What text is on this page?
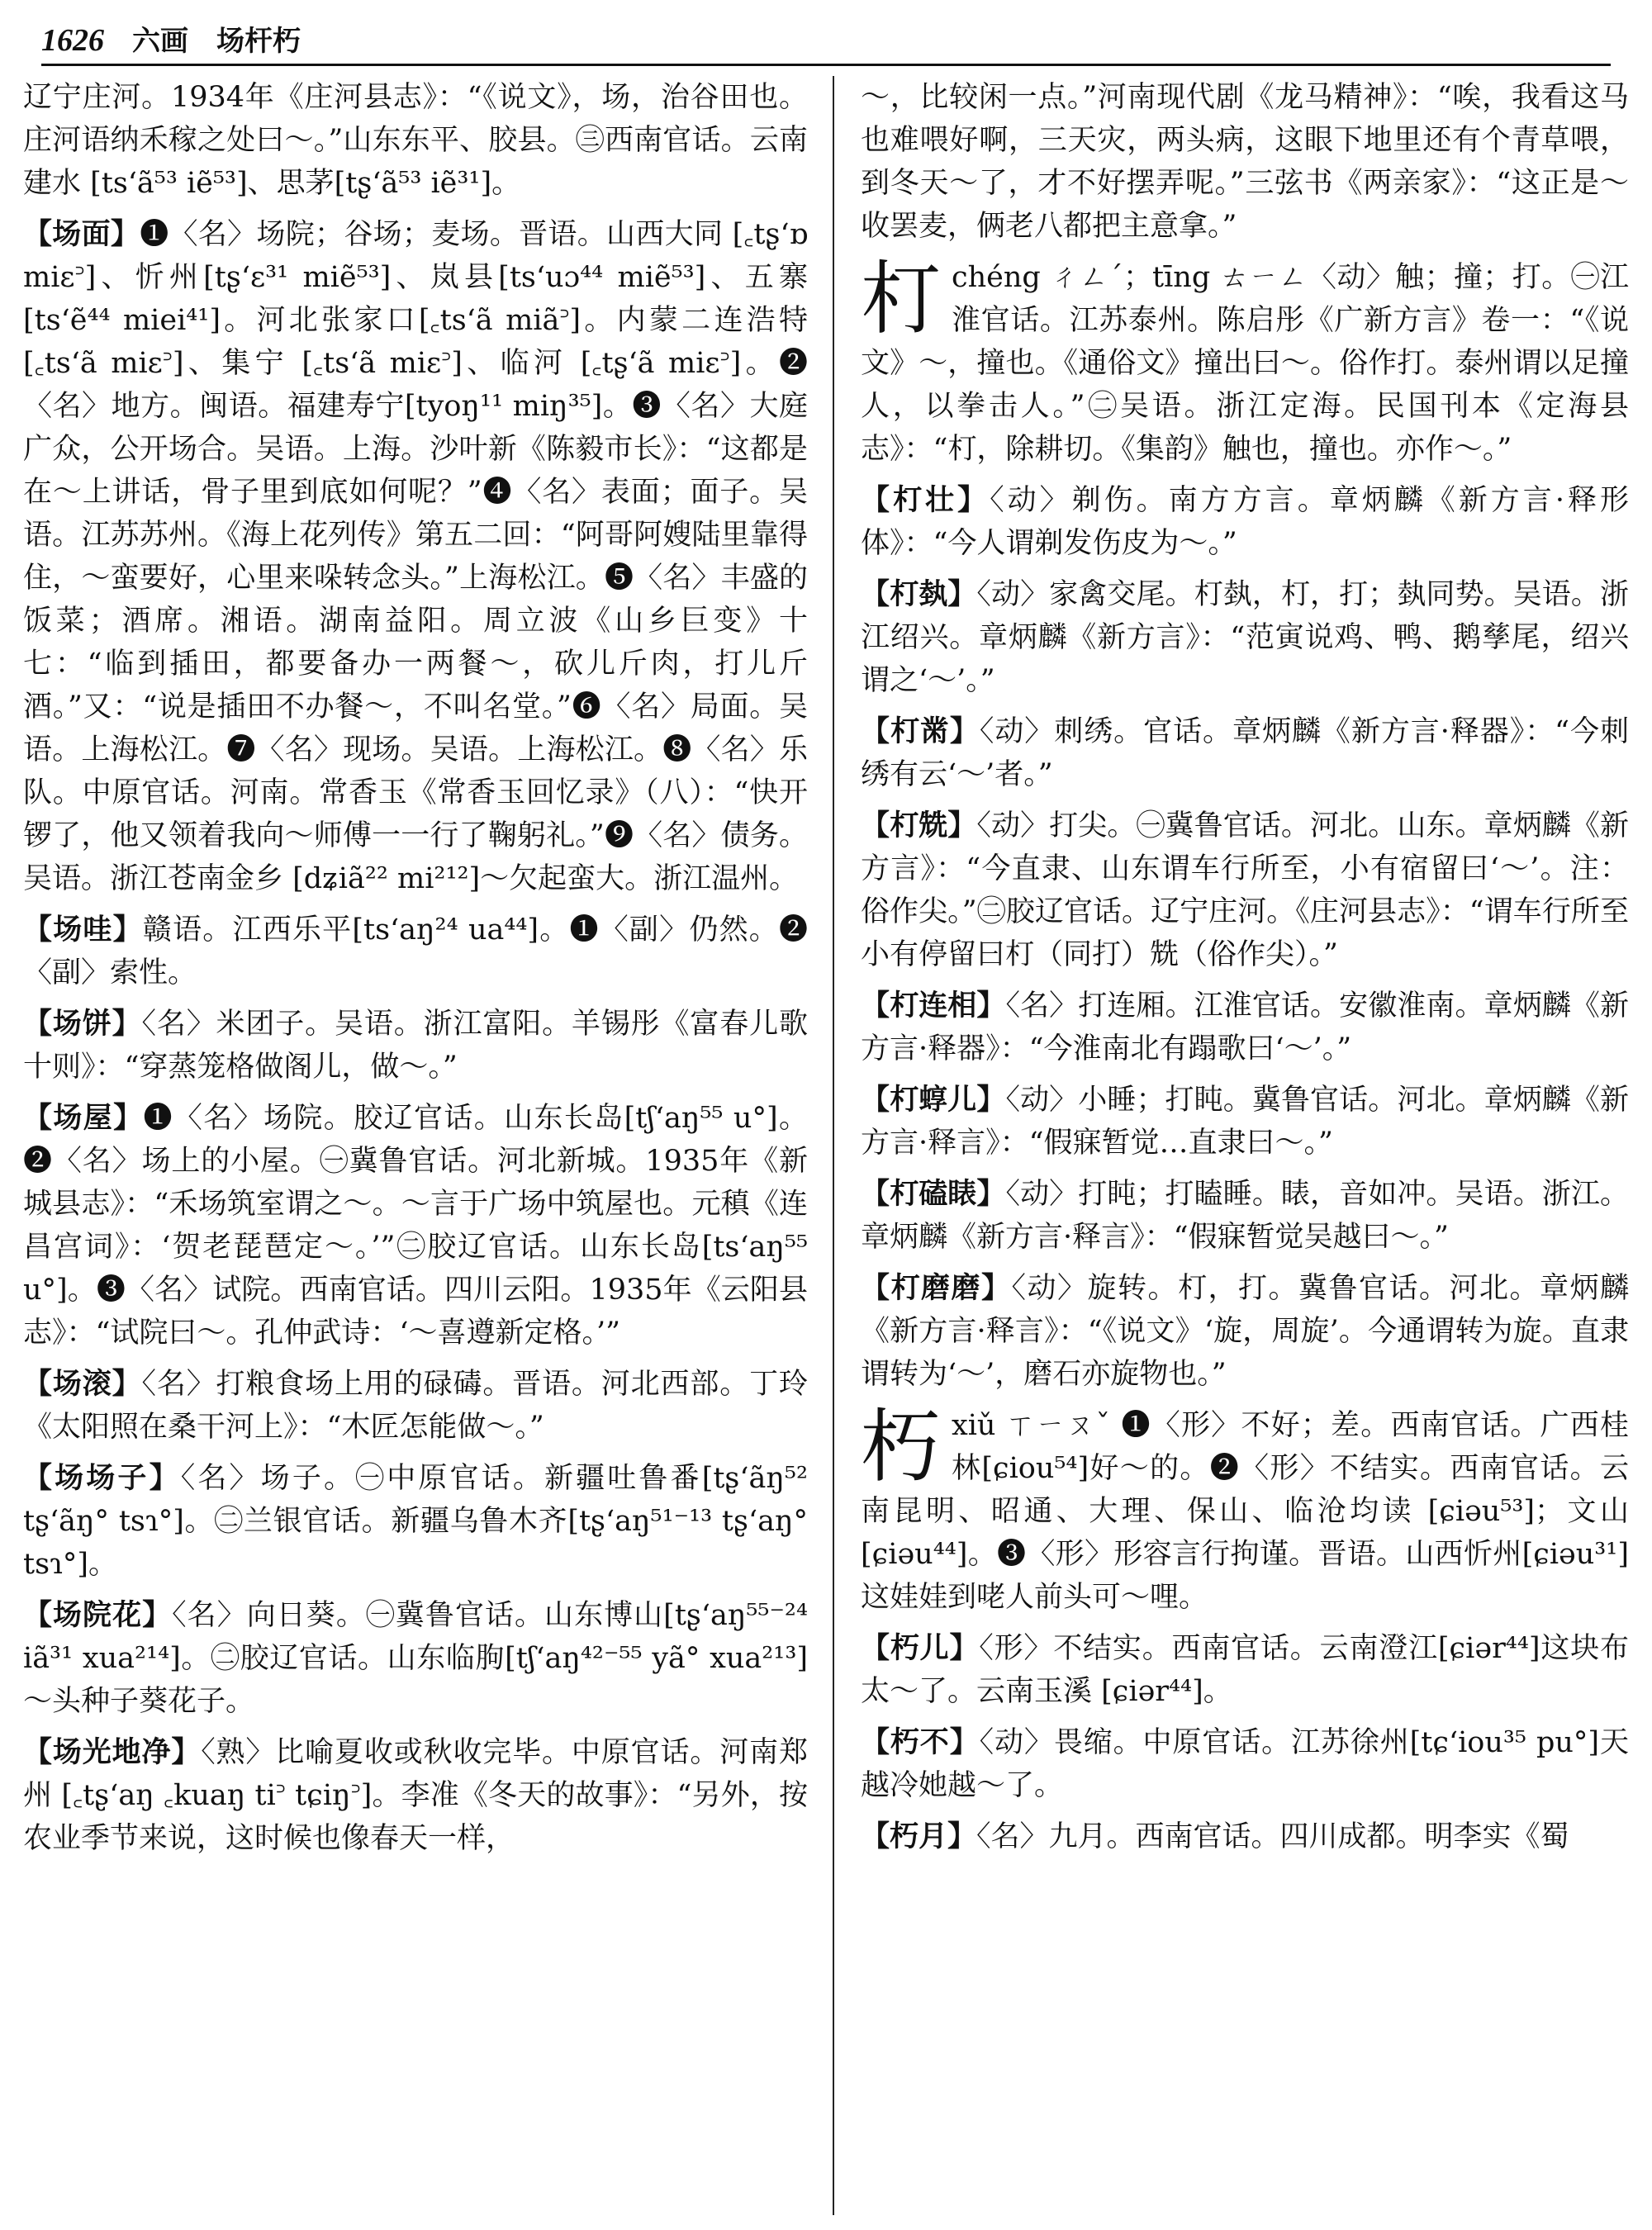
1626 六画 场杆朽

辽宁庄河。1934年《庄河县志》：“《说文》，场，治谷田也。庄河语纳禾稼之处曰～。”山东东平、胶县。㊂西南官话。云南建水 [ts‘ã⁵³ iẽ⁵³]、思茅[tʂ‘ã⁵³ iẽ³¹]。

【场面】❶〈名〉场院；谷场；麦场。晋语。山西大同 [꜀tʂ‘ɒ miɛ꜄]、忻州[tʂ‘ɛ³¹ miẽ⁵³]、岚县[ts‘uɔ⁴⁴ miẽ⁵³]、五寨[ts‘ẽ⁴⁴ miei⁴¹]。河北张家口[꜀ts‘ã miã꜄]。内蒙二连浩特 [꜀ts‘ã miɛ꜄]、集宁 [꜀ts‘ã miɛ꜄]、临河 [꜀tʂ‘ã miɛ꜄]。❷〈名〉地方。闽语。福建寿宁[tyoŋ¹¹ miŋ³⁵]。❸〈名〉大庭广众，公开场合。吴语。上海。沙叶新《陈毅市长》：“这都是在～上讲话，骨子里到底如何呢？”❹〈名〉表面；面子。吴语。江苏苏州。《海上花列传》第五二回：“阿哥阿嫂陆里靠得住，～蛮要好，心里来哚转念头。”上海松江。❺〈名〉丰盛的饭菜；酒席。湘语。湖南益阳。周立波《山乡巨变》十七：“临到插田，都要备办一两餐～，砍儿斤肉，打儿斤酒。”又：“说是插田不办餐～，不叫名堂。”❻〈名〉局面。吴语。上海松江。❼〈名〉现场。吴语。上海松江。❽〈名〉乐队。中原官话。河南。常香玉《常香玉回忆录》（八）：“快开锣了，他又领着我向～师傅一一行了鞠躬礼。”❾〈名〉债务。吴语。浙江苍南金乡 [dʑiã²² mi²¹²]～欠起蛮大。浙江温州。

【场哇】赣语。江西乐平[ts‘aŋ²⁴ ua⁴⁴]。❶〈副〉仍然。❷〈副〉索性。

【场饼】〈名〉米团子。吴语。浙江富阳。羊锡彤《富春儿歌十则》：“穿蒸笼格做阁儿，做～。”

【场屋】❶〈名〉场院。胶辽官话。山东长岛[tʃ‘aŋ⁵⁵ u°]。❷〈名〉场上的小屋。㊀冀鲁官话。河北新城。1935年《新城县志》：“禾场筑室谓之～。～言于广场中筑屋也。元稹《连昌宫词》：‘贺老琵琶定～。’”㊁胶辽官话。山东长岛[ts‘aŋ⁵⁵ u°]。❸〈名〉试院。西南官话。四川云阳。1935年《云阳县志》：“试院曰～。孔仲武诗：‘～喜遵新定格。’”

【场滚】〈名〉打粮食场上用的碌碡。晋语。河北西部。丁玲《太阳照在桑干河上》：“木匠怎能做～。”

【场场子】〈名〉场子。㊀中原官话。新疆吐鲁番[tʂ‘ãŋ⁵² tʂ‘ãŋ° tsɿ°]。㊁兰银官话。新疆乌鲁木齐[tʂ‘aŋ⁵¹⁻¹³ tʂ‘aŋ° tsɿ°]。

【场院花】〈名〉向日葵。㊀冀鲁官话。山东博山[tʂ‘aŋ⁵⁵⁻²⁴ iã³¹ xua²¹⁴]。㊁胶辽官话。山东临朐[tʃ‘aŋ⁴²⁻⁵⁵ yã° xua²¹³]～头种子葵花子。

【场光地净】〈熟〉比喻夏收或秋收完毕。中原官话。河南郑州 [꜀tʂ‘aŋ ꜀kuaŋ ti꜄ tɕiŋ꜄]。李准《冬天的故事》：“另外，按农业季节来说，这时候也像春天一样，

～，比较闲一点。”河南现代剧《龙马精神》：“唉，我看这马也难喂好啊，三天灾，两头病，这眼下地里还有个青草喂，到冬天～了，才不好摆弄呢。”三弦书《两亲家》：“这正是～收罢麦，俩老八都把主意拿。”

朾 chéng ㄔㄥˊ；tīng ㄊㄧㄥ〈动〉触；撞；打。㊀江淮官话。江苏泰州。陈启彤《广新方言》卷一：“《说文》～，撞也。《通俗文》撞出曰～。俗作打。泰州谓以足撞人，以拳击人。”㊁吴语。浙江定海。民国刊本《定海县志》：“朾，除耕切。《集韵》触也，撞也。亦作～。”

【朾壮】〈动〉剃伤。南方方言。章炳麟《新方言·释形体》：“今人谓剃发伤皮为～。”

【朾埶】〈动〉家禽交尾。朾埶，朾，打；埶同势。吴语。浙江绍兴。章炳麟《新方言》：“范寅说鸡、鸭、鹅孳尾，绍兴谓之‘～’。”

【朾黹】〈动〉刺绣。官话。章炳麟《新方言·释器》：“今刺绣有云‘～’者。”

【朾兟】〈动〉打尖。㊀冀鲁官话。河北。山东。章炳麟《新方言》：“今直隶、山东谓车行所至，小有宿留曰‘～’。注：俗作尖。”㊁胶辽官话。辽宁庄河。《庄河县志》：“谓车行所至小有停留曰朾（同打）兟（俗作尖）。”

【朾连相】〈名〉打连厢。江淮官话。安徽淮南。章炳麟《新方言·释器》：“今淮南北有蹋歌曰‘～’。”

【朾蜳儿】〈动〉小睡；打盹。冀鲁官话。河北。章炳麟《新方言·释言》：“假寐暂觉…直隶曰～。”

【朾磕䁃】〈动〉打盹；打瞌睡。䁃，音如冲。吴语。浙江。章炳麟《新方言·释言》：“假寐暂觉吴越曰～。”

【朾磨磨】〈动〉旋转。朾，打。冀鲁官话。河北。章炳麟《新方言·释言》：“《说文》‘旋，周旋’。今通谓转为旋。直隶谓转为‘～’，磨石亦旋物也。”

朽 xiǔ ㄒㄧㄡˇ ❶〈形〉不好；差。西南官话。广西桂林[ɕiou⁵⁴]好～的。❷〈形〉不结实。西南官话。云南昆明、昭通、大理、保山、临沧均读 [ɕiəu⁵³]；文山[ɕiəu⁴⁴]。❸〈形〉形容言行拘谨。晋语。山西忻州[ɕiəu³¹]这娃娃到咾人前头可～哩。

【朽儿】〈形〉不结实。西南官话。云南澄江[ɕiər⁴⁴]这块布太～了。云南玉溪 [ɕiər⁴⁴]。

【朽不】〈动〉畏缩。中原官话。江苏徐州[tɕ‘iou³⁵ pu°]天越冷她越～了。

【朽月】〈名〉九月。西南官话。四川成都。明李实《蜀
